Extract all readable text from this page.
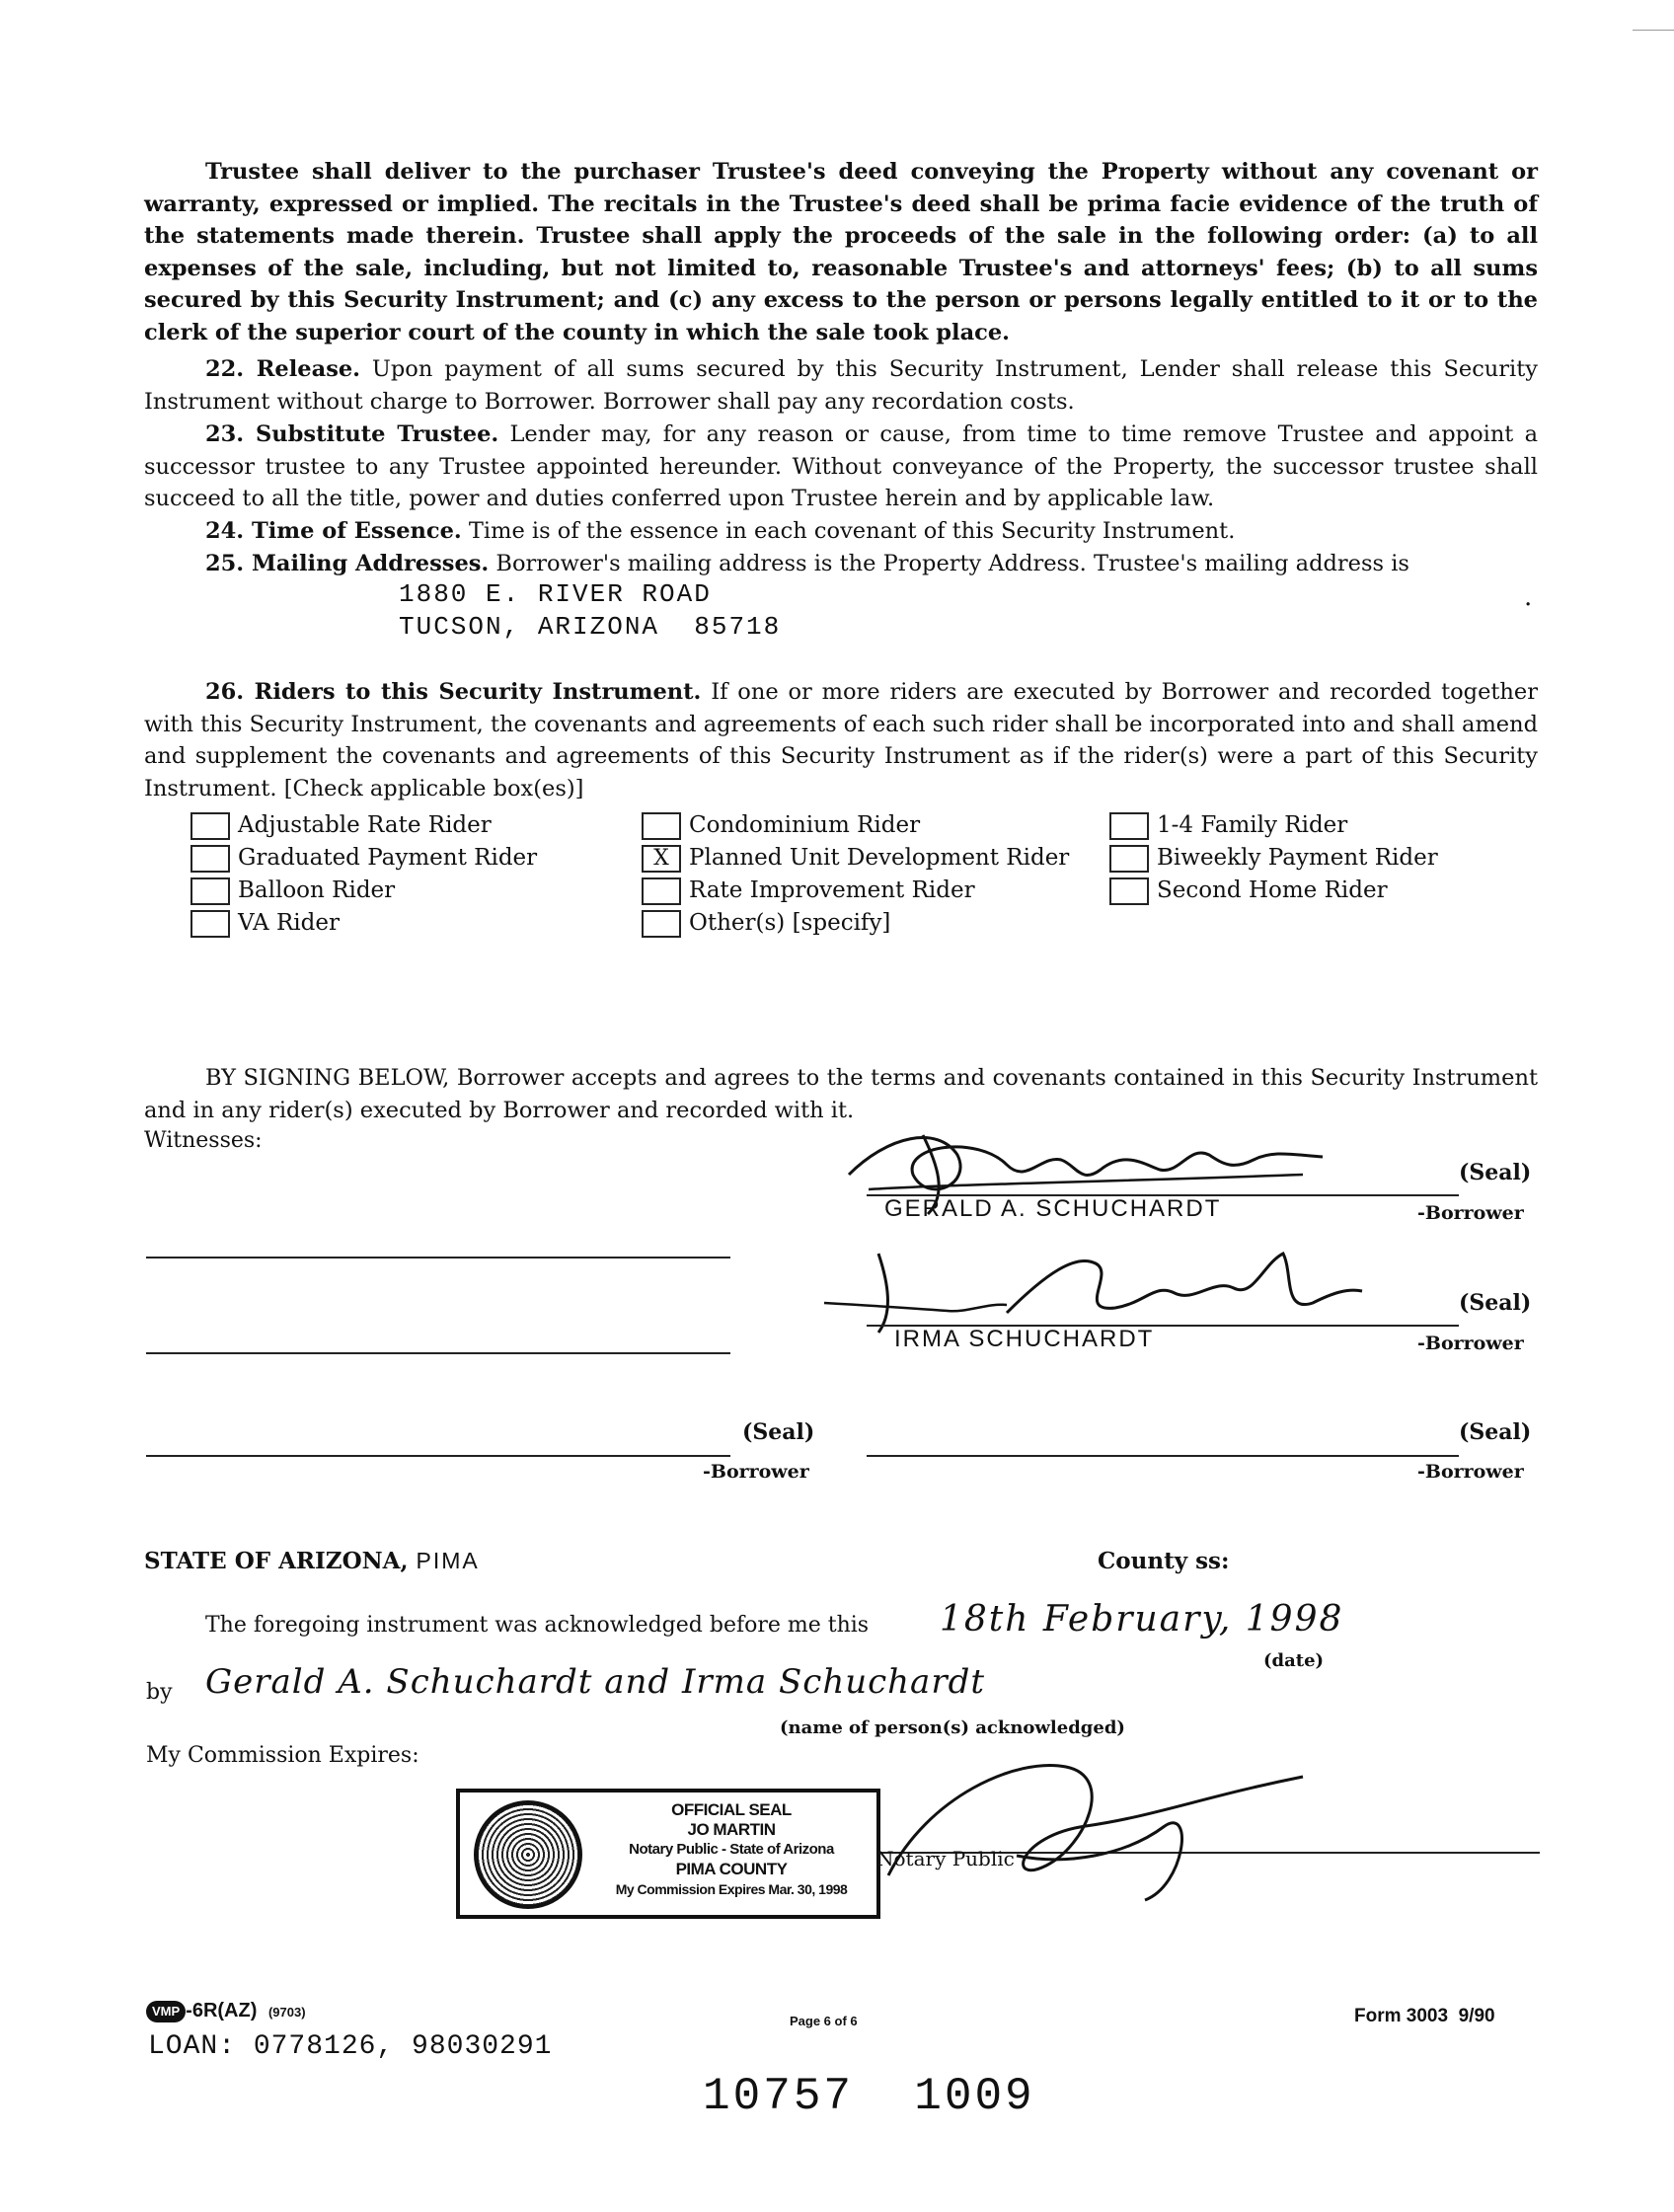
Trustee shall deliver to the purchaser Trustee's deed conveying the Property without any covenant or warranty, expressed or implied. The recitals in the Trustee's deed shall be prima facie evidence of the truth of the statements made therein. Trustee shall apply the proceeds of the sale in the following order: (a) to all expenses of the sale, including, but not limited to, reasonable Trustee's and attorneys' fees; (b) to all sums secured by this Security Instrument; and (c) any excess to the person or persons legally entitled to it or to the clerk of the superior court of the county in which the sale took place.
22. Release. Upon payment of all sums secured by this Security Instrument, Lender shall release this Security Instrument without charge to Borrower. Borrower shall pay any recordation costs.
23. Substitute Trustee. Lender may, for any reason or cause, from time to time remove Trustee and appoint a successor trustee to any Trustee appointed hereunder. Without conveyance of the Property, the successor trustee shall succeed to all the title, power and duties conferred upon Trustee herein and by applicable law.
24. Time of Essence. Time is of the essence in each covenant of this Security Instrument.
25. Mailing Addresses. Borrower's mailing address is the Property Address. Trustee's mailing address is
1880 E. RIVER ROAD
TUCSON, ARIZONA  85718
.
26. Riders to this Security Instrument. If one or more riders are executed by Borrower and recorded together with this Security Instrument, the covenants and agreements of each such rider shall be incorporated into and shall amend and supplement the covenants and agreements of this Security Instrument as if the rider(s) were a part of this Security Instrument. [Check applicable box(es)]
Adjustable Rate Rider
Graduated Payment Rider
Balloon Rider
VA Rider
Condominium Rider
X Planned Unit Development Rider
Rate Improvement Rider
Other(s) [specify]
1-4 Family Rider
Biweekly Payment Rider
Second Home Rider
BY SIGNING BELOW, Borrower accepts and agrees to the terms and covenants contained in this Security Instrument and in any rider(s) executed by Borrower and recorded with it.
Witnesses:
GERALD A. SCHUCHARDT
(Seal)
-Borrower
IRMA SCHUCHARDT
(Seal)
-Borrower
(Seal)
-Borrower
(Seal)
-Borrower
STATE OF ARIZONA, PIMA	County ss:
The foregoing instrument was acknowledged before me this 18th February, 1998
(date)
by Gerald A. Schuchardt and Irma Schuchardt
(name of person(s) acknowledged)
My Commission Expires:
Notary Public
OFFICIAL SEAL
JO MARTIN
Notary Public - State of Arizona
PIMA COUNTY
My Commission Expires Mar. 30, 1998
VMP -6R(AZ) (9703)
Page 6 of 6	Form 3003  9/90
LOAN: 0778126, 98030291
10757  1009
